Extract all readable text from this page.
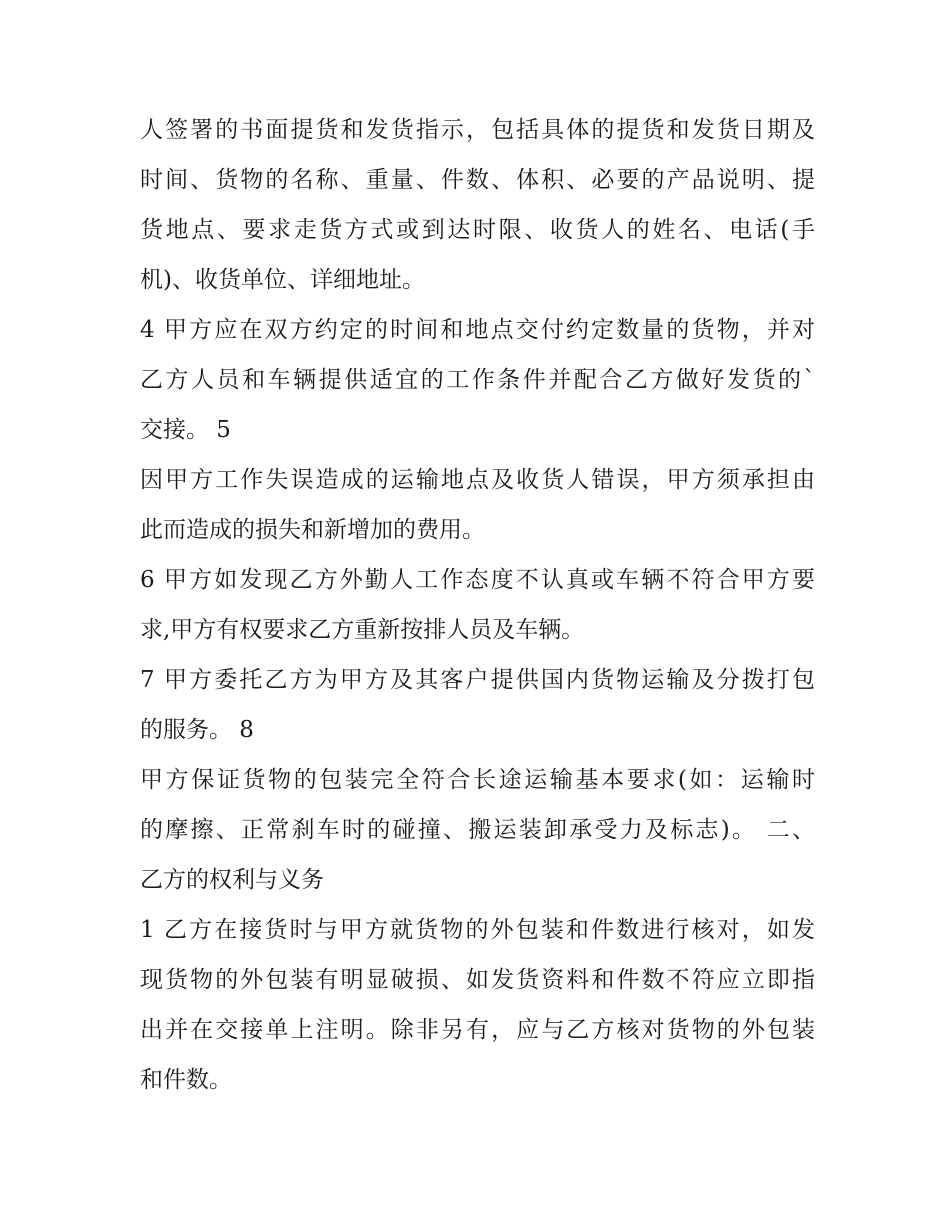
人签署的书面提货和发货指示，包括具体的提货和发货日期及
时间、货物的名称、重量、件数、体积、必要的产品说明、提
货地点、要求走货方式或到达时限、收货人的姓名、电话(手
机)、收货单位、详细地址。
4 甲方应在双方约定的时间和地点交付约定数量的货物，并对
乙方人员和车辆提供适宜的工作条件并配合乙方做好发货的`
交接。 5
因甲方工作失误造成的运输地点及收货人错误，甲方须承担由
此而造成的损失和新增加的费用。
6 甲方如发现乙方外勤人工作态度不认真或车辆不符合甲方要
求,甲方有权要求乙方重新按排人员及车辆。
7 甲方委托乙方为甲方及其客户提供国内货物运输及分拨打包
的服务。 8
甲方保证货物的包装完全符合长途运输基本要求(如：运输时
的摩擦、正常刹车时的碰撞、搬运装卸承受力及标志)。 二、
乙方的权利与义务
1 乙方在接货时与甲方就货物的外包装和件数进行核对，如发
现货物的外包装有明显破损、如发货资料和件数不符应立即指
出并在交接单上注明。除非另有，应与乙方核对货物的外包装
和件数。
